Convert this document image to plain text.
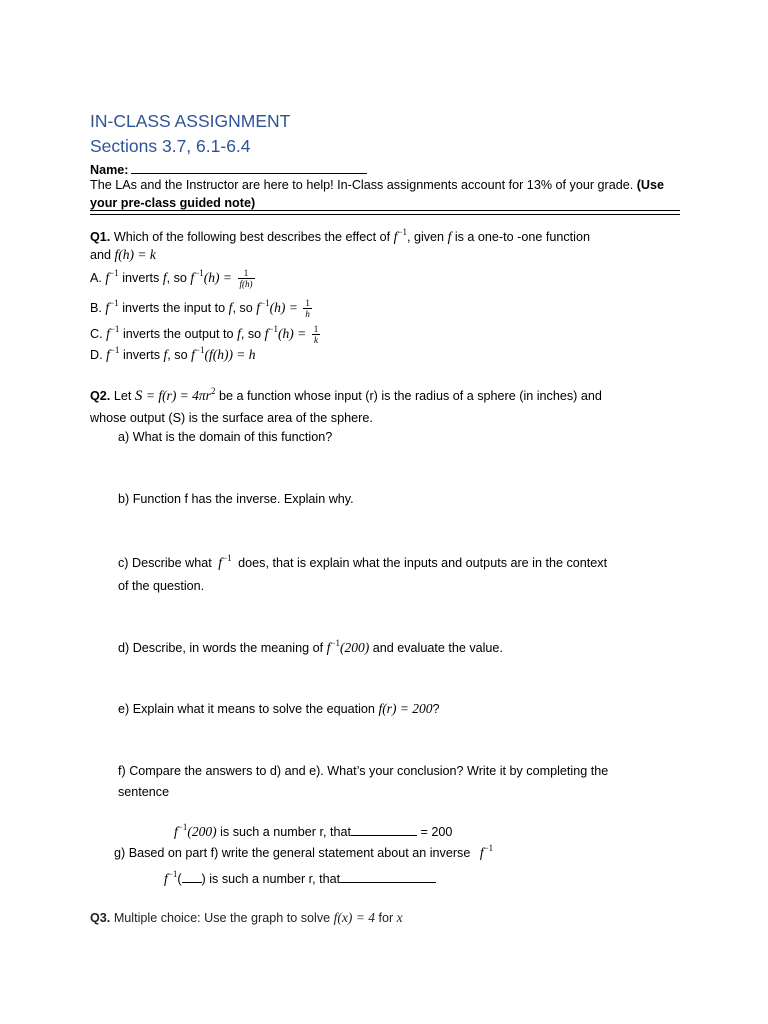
IN-CLASS ASSIGNMENT
Sections 3.7, 6.1-6.4
Name:
The LAs and the Instructor are here to help! In-Class assignments account for 13% of your grade. (Use
your pre-class guided note)
Q1. Which of the following best describes the effect of $f^{-1}$, given f is a one-to -one function
and f(h) = k
A. $f^{-1}$ inverts f, so $f^{-1}(h) = \frac{1}{f(h)}$
B. $f^{-1}$ inverts the input to f, so $f^{-1}(h) = \frac{1}{h}$
C. $f^{-1}$ inverts the output to f, so $f^{-1}(h) = \frac{1}{k}$
D. $f^{-1}$ inverts f, so $f^{-1}(f(h)) = h$
Q2. Let $S = f(r) = 4\pi r^2$ be a function whose input (r) is the radius of a sphere (in inches) and
whose output (S) is the surface area of the sphere.
a) What is the domain of this function?
b) Function f has the inverse. Explain why.
c) Describe what $f^{-1}$ does, that is explain what the inputs and outputs are in the context
of the question.
d) Describe, in words the meaning of $f^{-1}(200)$ and evaluate the value.
e) Explain what it means to solve the equation f(r) = 200?
f) Compare the answers to d) and e). What’s your conclusion? Write it by completing the
sentence
$f^{-1}(200)$ is such a number r, that	= 200
g) Based on part f) write the general statement about an inverse $f^{-1}$
$f^{-1}$( ) is such a number r, that
Q3. Multiple choice: Use the graph to solve f(x) = 4 for x
